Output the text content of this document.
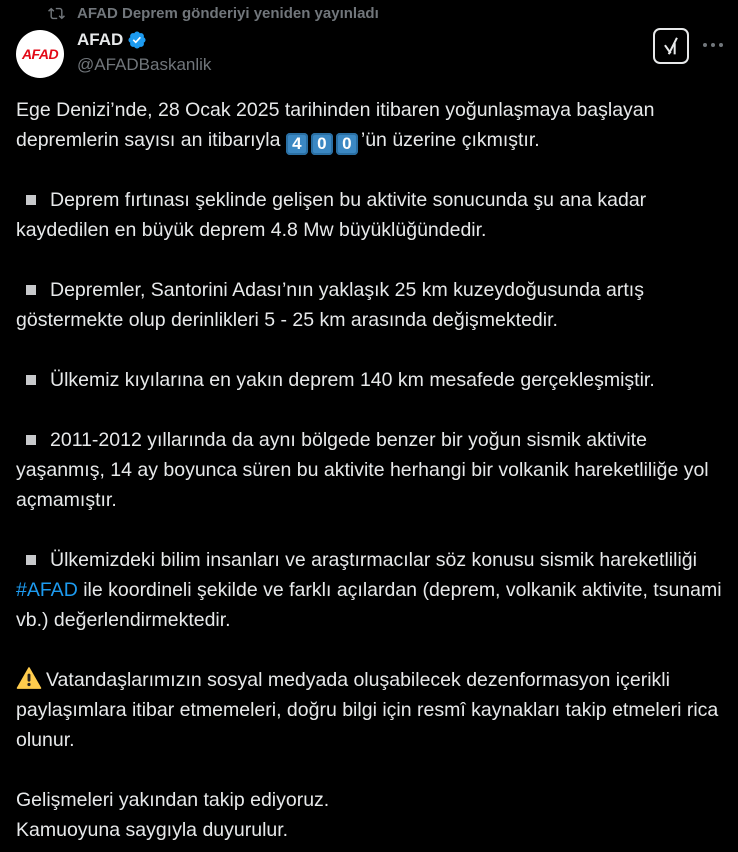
AFAD Deprem gönderiyi yeniden yayınladı
AFAD
AFAD
@AFADBaskanlik

Ege Denizi’nde, 28 Ocak 2025 tarihinden itibaren yoğunlaşmaya başlayan depremlerin sayısı an itibarıyla 4 0 0 ’ün üzerine çıkmıştır.

Deprem fırtınası şeklinde gelişen bu aktivite sonucunda şu ana kadar kaydedilen en büyük deprem 4.8 Mw büyüklüğündedir.

Depremler, Santorini Adası’nın yaklaşık 25 km kuzeydoğusunda artış göstermekte olup derinlikleri 5 - 25 km arasında değişmektedir.

Ülkemiz kıyılarına en yakın deprem 140 km mesafede gerçekleşmiştir.

2011-2012 yıllarında da aynı bölgede benzer bir yoğun sismik aktivite yaşanmış, 14 ay boyunca süren bu aktivite herhangi bir volkanik hareketliliğe yol açmamıştır.

Ülkemizdeki bilim insanları ve araştırmacılar söz konusu sismik hareketliliği #AFAD ile koordineli şekilde ve farklı açılardan (deprem, volkanik aktivite, tsunami vb.) değerlendirmektedir.

Vatandaşlarımızın sosyal medyada oluşabilecek dezenformasyon içerikli paylaşımlara itibar etmemeleri, doğru bilgi için resmî kaynakları takip etmeleri rica olunur.

Gelişmeleri yakından takip ediyoruz.
Kamuoyuna saygıyla duyurulur.
